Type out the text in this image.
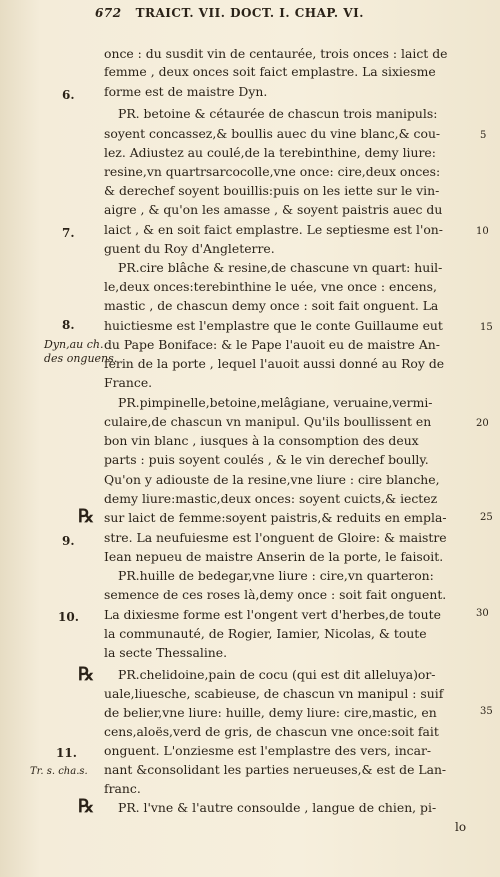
672 TRAICT. VII. DOCT. I. CHAP. VI.
once : du susdit vin de centaurée, trois onces : laict de
femme , deux onces soit faict emplastre. La sixiesme
forme est de maistre Dyn.
PR. betoine & cétaurée de chascun trois manipuls:
soyent concassez,& boullis auec du vine blanc,& cou-
lez. Adiustez au coulé,de la terebinthine, demy liure:
resine,vn quartrsarcocolle,vne once: cire,deux onces:
& derechef soyent bouillis:puis on les iette sur le vin-
aigre , & qu'on les amasse , & soyent paistris auec du
laict , & en soit faict emplastre. Le septiesme est l'on-
guent du Roy d'Angleterre.
PR.cire blâche & resine,de chascune vn quart: huil-
le,deux onces:terebinthine le uée, vne once : encens,
mastic , de chascun demy once : soit fait onguent. La
huictiesme est l'emplastre que le conte Guillaume eut
du Pape Boniface: & le Pape l'auoit eu de maistre An-
ferin de la porte , lequel l'auoit aussi donné au Roy de
France.
PR.pimpinelle,betoine,melâgiane, veruaine,vermi-
culaire,de chascun vn manipul. Qu'ils boullissent en
bon vin blanc , iusques à la consomption des deux
parts : puis soyent coulés , & le vin derechef boully.
Qu'on y adiouste de la resine,vne liure : cire blanche,
demy liure:mastic,deux onces: soyent cuicts,& iectez
sur laict de femme:soyent paistris,& reduits en empla-
stre. La neufuiesme est l'onguent de Gloire: & maistre
Iean nepueu de maistre Anserin de la porte, le faisoit.
PR.huille de bedegar,vne liure : cire,vn quarteron:
semence de ces roses là,demy once : soit fait onguent.
La dixiesme forme est l'ongent vert d'herbes,de toute
la communauté, de Rogier, Iamier, Nicolas, & toute
la secte Thessaline.
PR.chelidoine,pain de cocu (qui est dit alleluya)or-
uale,liuesche, scabieuse, de chascun vn manipul : suif
de belier,vne liure: huille, demy liure: cire,mastic, en
cens,aloës,verd de gris, de chascun vne once:soit fait
onguent. L'onziesme est l'emplastre des vers, incar-
nant &consolidant les parties nerueuses,& est de Lan-
franc.
PR. l'vne & l'autre consoulde , langue de chien, pi-
6.
7.
8.
9.
10.
11.
Dyn,au ch.
des onguens.
Tr. s. cha.s.
℞
℞
℞
5
10
15
20
25
30
35
lo
